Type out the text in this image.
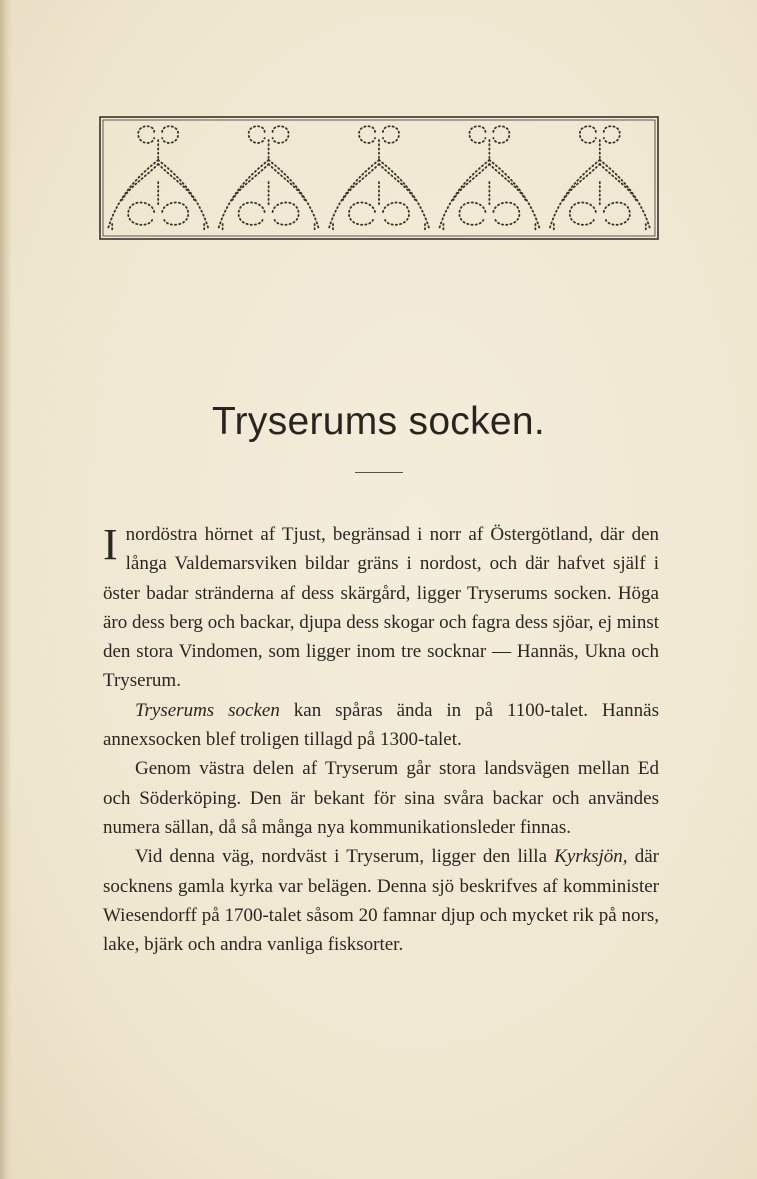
Tryserums socken.

Inordöstra hörnet af Tjust, begränsad i norr af Östergötland, där den långa Valdemarsviken bildar gräns i nordost, och där hafvet själf i öster badar stränderna af dess skärgård, ligger Tryserums socken. Höga äro dess berg och backar, djupa dess skogar och fagra dess sjöar, ej minst den stora Vindomen, som ligger inom tre socknar — Hannäs, Ukna och Tryserum.

Tryserums socken kan spåras ända in på 1100-talet. Hannäs annexsocken blef troligen tillagd på 1300-talet.

Genom västra delen af Tryserum går stora landsvägen mellan Ed och Söderköping. Den är bekant för sina svåra backar och användes numera sällan, då så många nya kommunikationsleder finnas.

Vid denna väg, nordväst i Tryserum, ligger den lilla Kyrksjön, där socknens gamla kyrka var belägen. Denna sjö beskrifves af komminister Wiesendorff på 1700-talet såsom 20 famnar djup och mycket rik på nors, lake, bjärk och andra vanliga fisksorter.
